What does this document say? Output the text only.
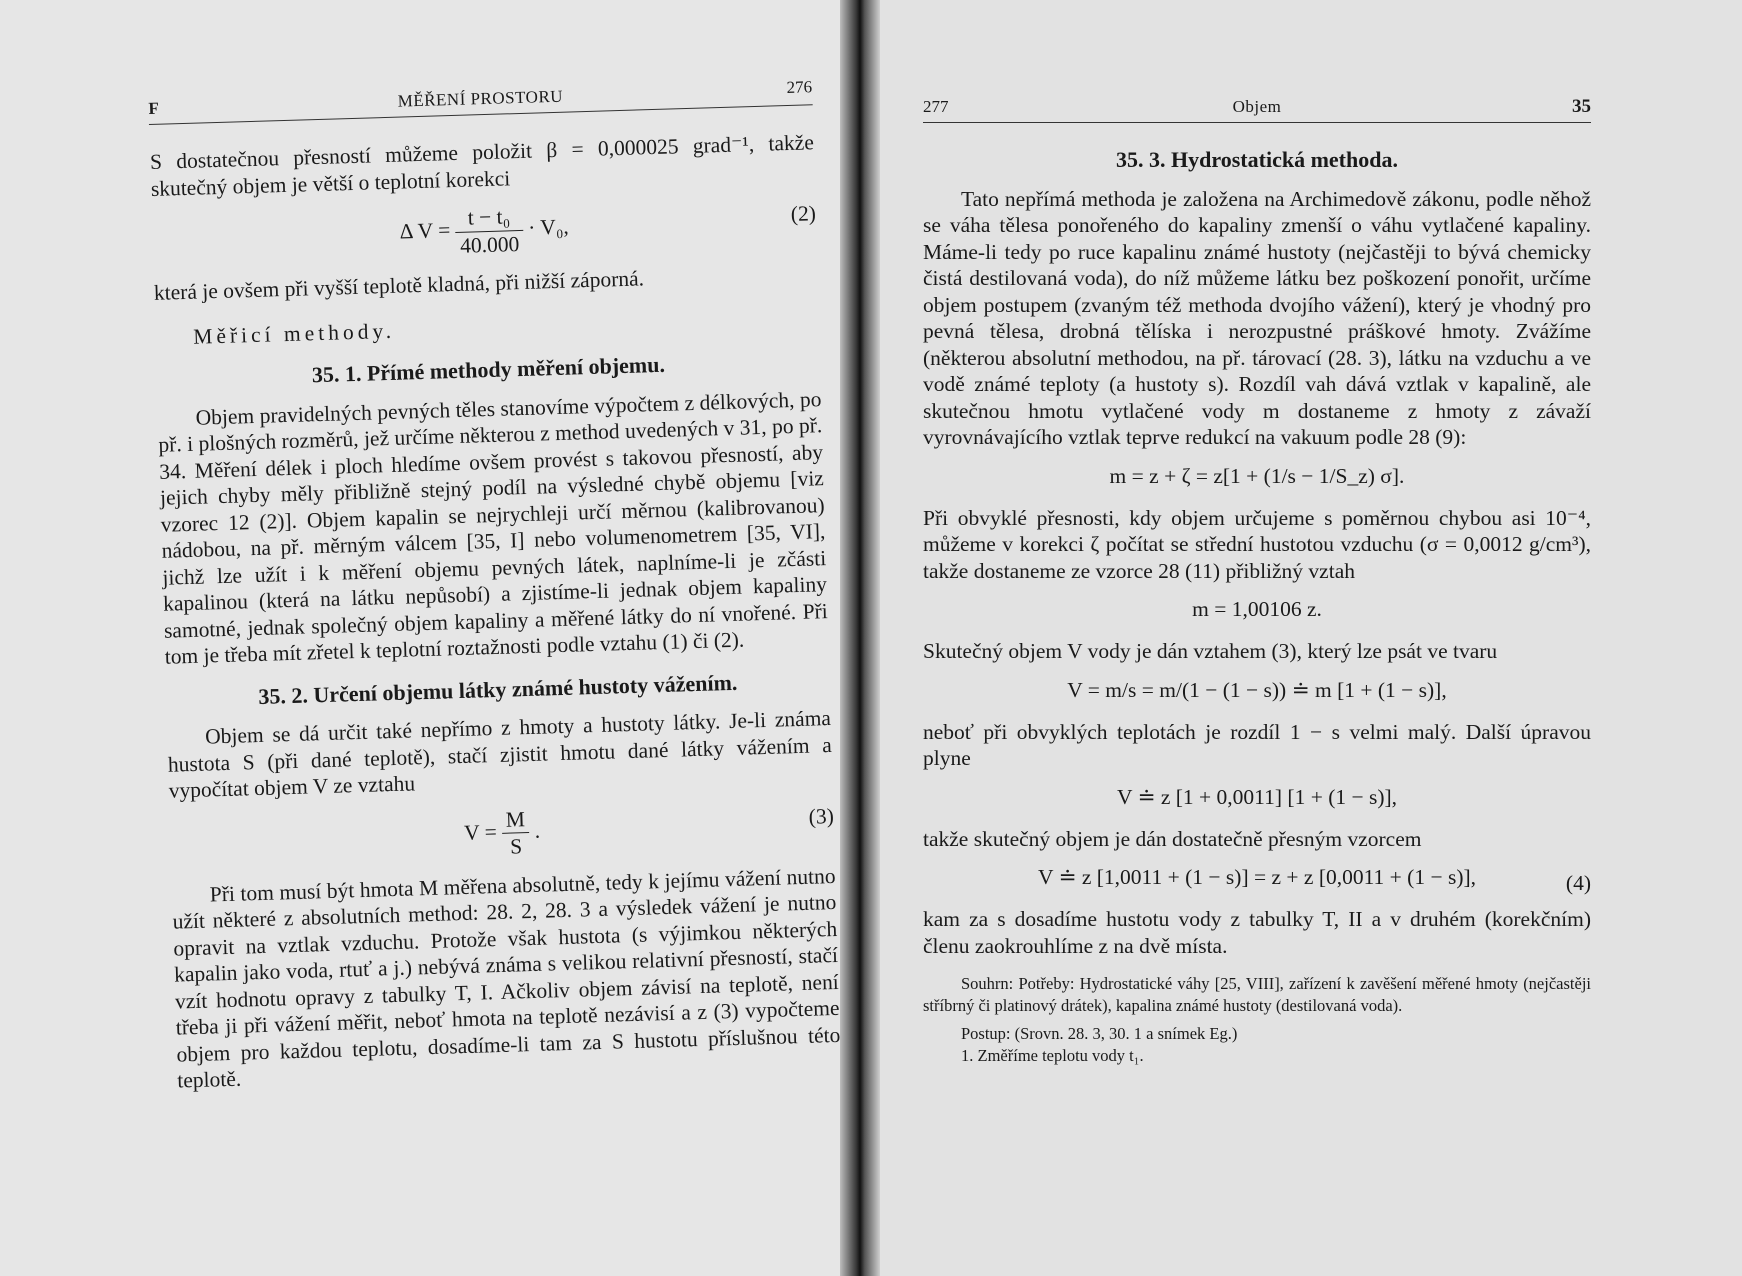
F	MĚŘENÍ PROSTORU	276

S dostatečnou přesností můžeme položit β = 0,000025 grad⁻¹, takže skutečný objem je větší o teplotní korekci

Δ $V = \frac{\text{t − t₀}}{40.000} \cdot V_0$,
(2)

která je ovšem při vyšší teplotě kladná, při nižší záporná.

Měřicí methody.
35. 1. Přímé methody měření objemu.

Objem pravidelných pevných těles stanovíme výpočtem z délkových, po př. i plošných rozměrů, jež určíme některou z method uvedených v 31, po př. 34. Měření délek i ploch hledíme ovšem provést s takovou přesností, aby jejich chyby měly přibližně stejný podíl na výsledné chybě objemu [viz vzorec 12 (2)]. Objem kapalin se nejrychleji určí měrnou (kalibrovanou) nádobou, na př. měrným válcem [35, I] nebo volumenometrem [35, VI], jichž lze užít i k měření objemu pevných látek, naplníme-li je zčásti kapalinou (která na látku nepůsobí) a zjistíme-li jednak objem kapaliny samotné, jednak společný objem kapaliny a měřené látky do ní vnořené. Při tom je třeba mít zřetel k teplotní roztažnosti podle vztahu (1) či (2).

35. 2. Určení objemu látky známé hustoty vážením.

Objem se dá určit také nepřímo z hmoty a hustoty látky. Je-li známa hustota S (při dané teplotě), stačí zjistit hmotu dané látky vážením a vypočítat objem V ze vztahu

$V = \frac{M}{S}$ .
(3)

Při tom musí být hmota M měřena absolutně, tedy k jejímu vážení nutno užít některé z absolutních method: 28. 2, 28. 3 a výsledek vážení je nutno opravit na vztlak vzduchu. Protože však hustota (s výjimkou některých kapalin jako voda, rtuť a j.) nebývá známa s velikou relativní přesností, stačí vzít hodnotu opravy z tabulky T, I. Ačkoliv objem závisí na teplotě, není třeba ji při vážení měřit, neboť hmota na teplotě nezávisí a z (3) vypočteme objem pro každou teplotu, dosadíme-li tam za S hustotu příslušnou této teplotě.

277	Objem	35
35. 3. Hydrostatická methoda.

Tato nepřímá methoda je založena na Archimedově zákonu, podle něhož se váha tělesa ponořeného do kapaliny zmenší o váhu vytlačené kapaliny. Máme-li tedy po ruce kapalinu známé hustoty (nejčastěji to bývá chemicky čistá destilovaná voda), do níž můžeme látku bez poškození ponořit, určíme objem postupem (zvaným též methoda dvojího vážení), který je vhodný pro pevná tělesa, drobná tělíska i nerozpustné práškové hmoty. Zvážíme (některou absolutní methodou, na př. tárovací (28. 3), látku na vzduchu a ve vodě známé teploty (a hustoty s). Rozdíl vah dává vztlak v kapalině, ale skutečnou hmotu vytlačené vody m dostaneme z hmoty z závaží vyrovnávajícího vztlak teprve redukcí na vakuum podle 28 (9):

m = z + ζ = z[1 + (1/s − 1/S_z) σ].

Při obvyklé přesnosti, kdy objem určujeme s poměrnou chybou asi 10⁻⁴, můžeme v korekci ζ počítat se střední hustotou vzduchu (σ = 0,0012 g/cm³), takže dostaneme ze vzorce 28 (11) přibližný vztah

m = 1,00106 z.

Skutečný objem V vody je dán vztahem (3), který lze psát ve tvaru

V = m/s = m/(1 − (1 − s)) ≐ m [1 + (1 − s)],

neboť při obvyklých teplotách je rozdíl 1 − s velmi malý. Další úpravou plyne

V ≐ z [1 + 0,0011] [1 + (1 − s)],

takže skutečný objem je dán dostatečně přesným vzorcem

V ≐ z [1,0011 + (1 − s)] = z + z [0,0011 + (1 − s)],	(4)

kam za s dosadíme hustotu vody z tabulky T, II a v druhém (korekčním) členu zaokrouhlíme z na dvě místa.

Souhrn: Potřeby: Hydrostatické váhy [25, VIII], zařízení k zavěšení měřené hmoty (nejčastěji stříbrný či platinový drátek), kapalina známé hustoty (destilovaná voda).

Postup: (Srovn. 28. 3, 30. 1 a snímek Eg.)

1. Změříme teplotu vody t₁.
